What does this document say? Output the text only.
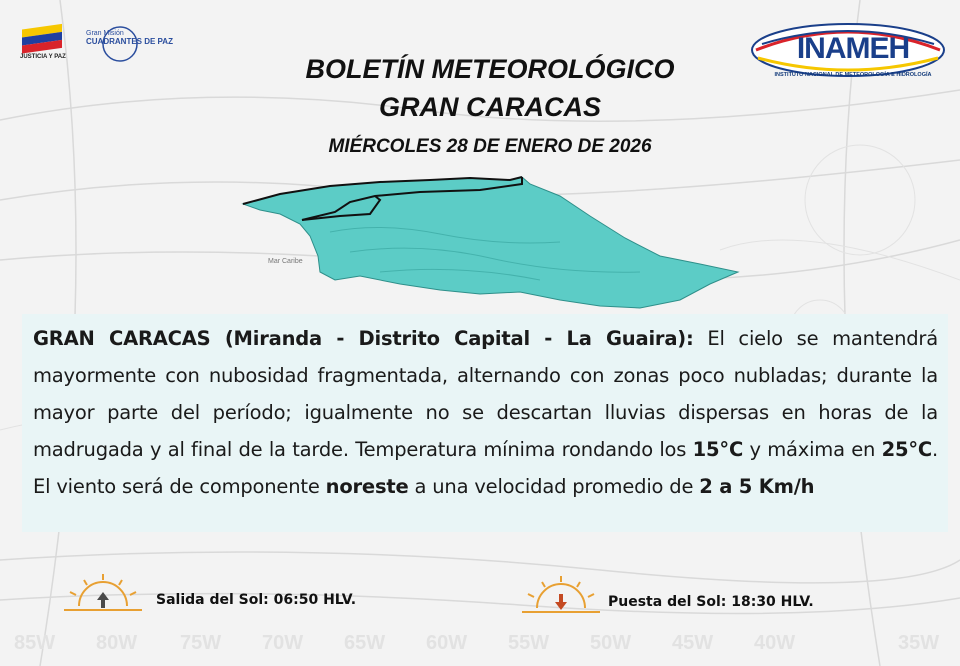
JUSTICIA Y PAZ
Gran Misión
CUADRANTES DE PAZ	INAMEH
INSTITUTO NACIONAL DE METEOROLOGÍA E HIDROLOGÍA
BOLETÍN METEOROLÓGICO
GRAN CARACAS
MIÉRCOLES 28 DE ENERO DE 2026
Mar Caribe
GRAN CARACAS (Miranda - Distrito Capital - La Guaira): El cielo se mantendrá mayormente con nubosidad fragmentada, alternando con zonas poco nubladas; durante la mayor parte del período; igualmente no se descartan lluvias dispersas en horas de la madrugada y al final de la tarde. Temperatura mínima rondando los 15°C y máxima en 25°C. El viento será de componente noreste a una velocidad promedio de 2 a 5 Km/h
Salida del Sol: 06:50 HLV.	Puesta del Sol: 18:30 HLV.
85W 80W 75W 70W 65W 60W 55W 50W 45W 40W	35W
